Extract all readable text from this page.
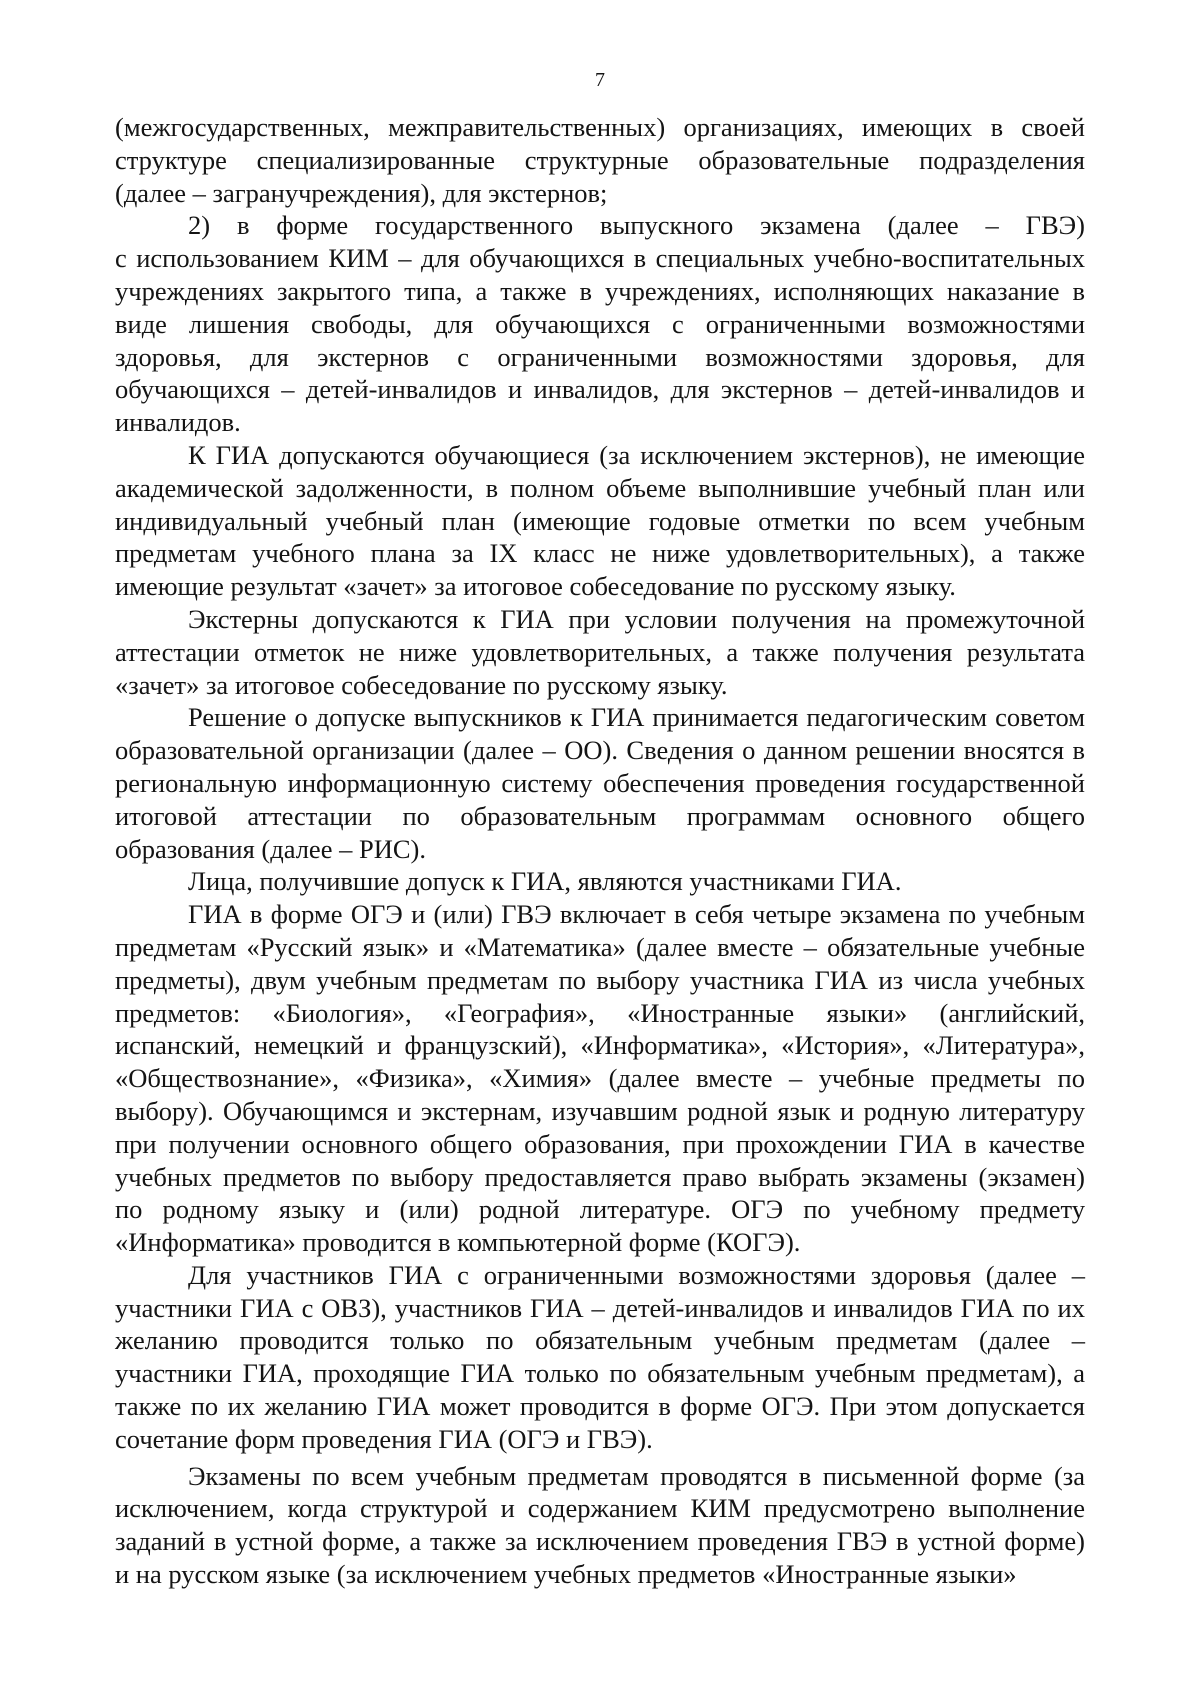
7
(межгосударственных, межправительственных) организациях, имеющих в своей
структуре специализированные структурные образовательные подразделения
(далее – загранучреждения), для экстернов;
2) в форме государственного выпускного экзамена (далее – ГВЭ)
с использованием КИМ – для обучающихся в специальных учебно-воспитательных
учреждениях закрытого типа, а также в учреждениях, исполняющих наказание в
виде лишения свободы, для обучающихся с ограниченными возможностями
здоровья, для экстернов с ограниченными возможностями здоровья, для
обучающихся – детей-инвалидов и инвалидов, для экстернов – детей-инвалидов и
инвалидов.
К ГИА допускаются обучающиеся (за исключением экстернов), не имеющие
академической задолженности, в полном объеме выполнившие учебный план или
индивидуальный учебный план (имеющие годовые отметки по всем учебным
предметам учебного плана за IX класс не ниже удовлетворительных), а также
имеющие результат «зачет» за итоговое собеседование по русскому языку.
Экстерны допускаются к ГИА при условии получения на промежуточной
аттестации отметок не ниже удовлетворительных, а также получения результата
«зачет» за итоговое собеседование по русскому языку.
Решение о допуске выпускников к ГИА принимается педагогическим советом
образовательной организации (далее – ОО). Сведения о данном решении вносятся в
региональную информационную систему обеспечения проведения государственной
итоговой аттестации по образовательным программам основного общего
образования (далее – РИС).
Лица, получившие допуск к ГИА, являются участниками ГИА.
ГИА в форме ОГЭ и (или) ГВЭ включает в себя четыре экзамена по учебным
предметам «Русский язык» и «Математика» (далее вместе – обязательные учебные
предметы), двум учебным предметам по выбору участника ГИА из числа учебных
предметов: «Биология», «География», «Иностранные языки» (английский,
испанский, немецкий и французский), «Информатика», «История», «Литература»,
«Обществознание», «Физика», «Химия» (далее вместе – учебные предметы по
выбору). Обучающимся и экстернам, изучавшим родной язык и родную литературу
при получении основного общего образования, при прохождении ГИА в качестве
учебных предметов по выбору предоставляется право выбрать экзамены (экзамен)
по родному языку и (или) родной литературе. ОГЭ по учебному предмету
«Информатика» проводится в компьютерной форме (КОГЭ).
Для участников ГИА с ограниченными возможностями здоровья (далее –
участники ГИА с ОВЗ), участников ГИА – детей-инвалидов и инвалидов ГИА по их
желанию проводится только по обязательным учебным предметам (далее –
участники ГИА, проходящие ГИА только по обязательным учебным предметам), а
также по их желанию ГИА может проводится в форме ОГЭ. При этом допускается
сочетание форм проведения ГИА (ОГЭ и ГВЭ).
Экзамены по всем учебным предметам проводятся в письменной форме (за
исключением, когда структурой и содержанием КИМ предусмотрено выполнение
заданий в устной форме, а также за исключением проведения ГВЭ в устной форме)
и на русском языке (за исключением учебных предметов «Иностранные языки»
